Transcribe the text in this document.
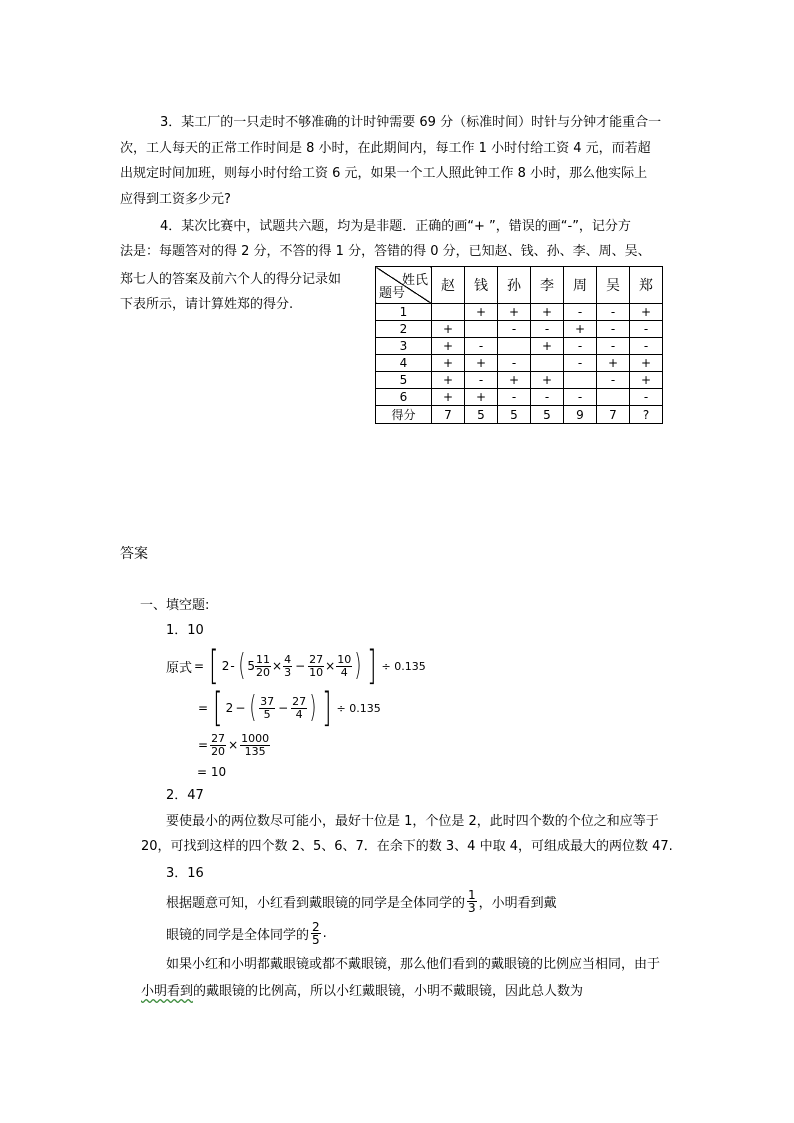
3．某工厂的一只走时不够准确的计时钟需要 69 分（标准时间）时针与分钟才能重合一
次，工人每天的正常工作时间是 8 小时，在此期间内，每工作 1 小时付给工资 4 元，而若超
出规定时间加班，则每小时付给工资 6 元，如果一个工人照此钟工作 8 小时，那么他实际上
应得到工资多少元?
4．某次比赛中，试题共六题，均为是非题．正确的画“+ ”，错误的画“-”，记分方
法是：每题答对的得 2 分，不答的得 1 分，答错的得 0 分，已知赵、钱、孙、李、周、吴、
郑七人的答案及前六个人的得分记录如
下表所示，请计算姓郑的得分.
姓氏
题号	赵	钱	孙	李	周	吴	郑
1		+	+	+	-	-	+
2	+		-	-	+	-	-
3	+	-		+	-	-	-
4	+	+	-		-	+	+
5	+	-	+	+		-	+
6	+	+	-	-	-		-
得分	7	5	5	5	9	7	?
答案
一、填空题:
1．10
原式 = [ 2 - ( $5 \frac{11}{20} \times \frac{4}{3} - \frac{27}{10} \times \frac{10}{4}$ ) ] ÷ 0.135
= [ 2 − ( $\frac{37}{5} - \frac{27}{4}$ ) ] ÷ 0.135
= $\frac{27}{20} \times \frac{1000}{135}$
= 10
2．47
要使最小的两位数尽可能小，最好十位是 1，个位是 2，此时四个数的个位之和应等于
20，可找到这样的四个数 2、5、6、7．在余下的数 3、4 中取 4，可组成最大的两位数 47.
3．16
根据题意可知，小红看到戴眼镜的同学是全体同学的 $\frac{1}{3}$ ，小明看到戴
眼镜的同学是全体同学的 $\frac{2}{5}$ .
如果小红和小明都戴眼镜或都不戴眼镜，那么他们看到的戴眼镜的比例应当相同，由于
小明看到的戴眼镜的比例高，所以小红戴眼镜，小明不戴眼镜，因此总人数为
